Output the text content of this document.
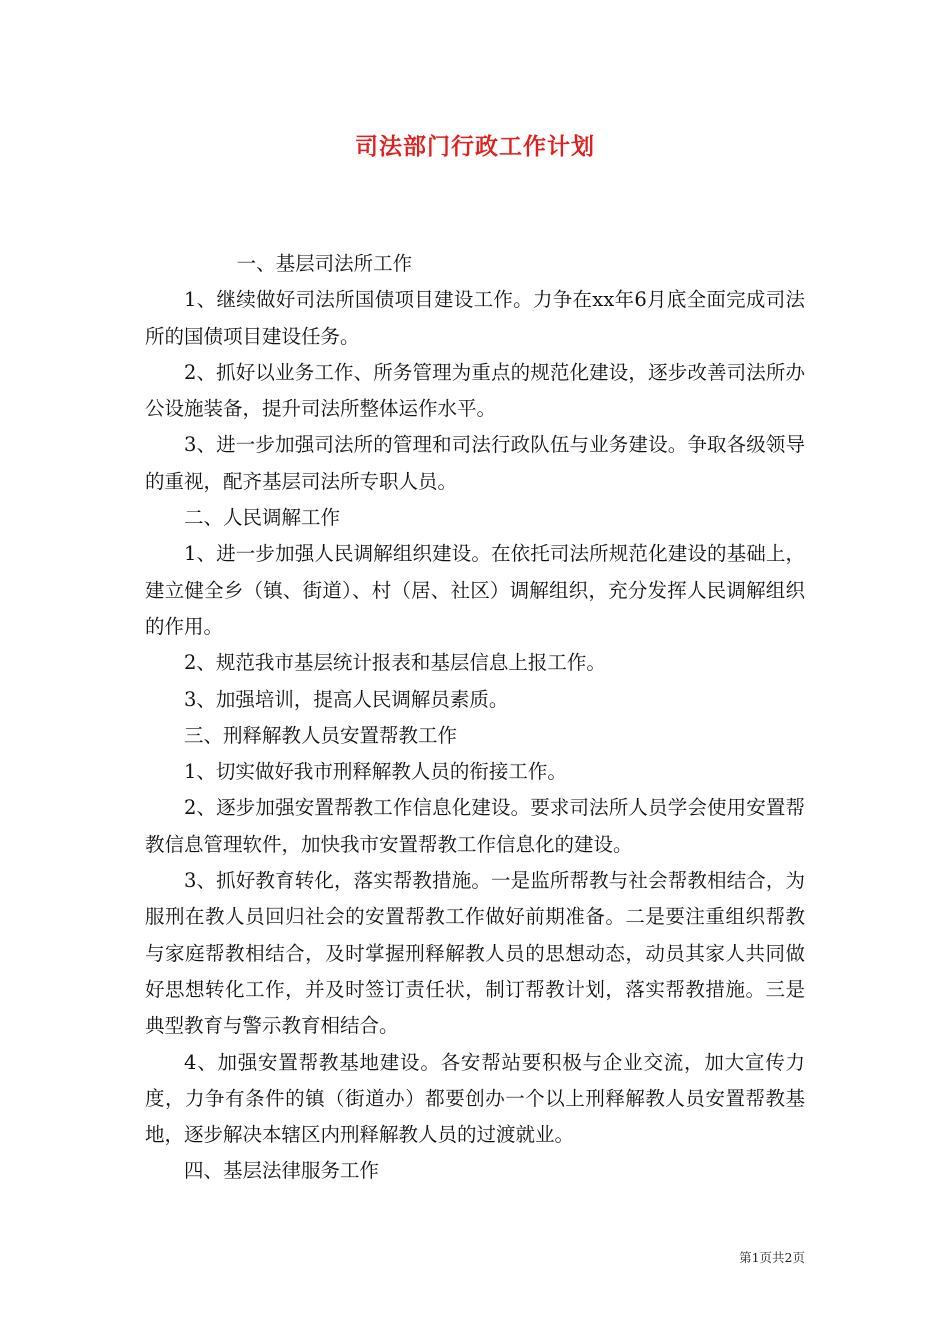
司法部门行政工作计划

一、基层司法所工作

1、继续做好司法所国债项目建设工作。力争在xx年6月底全面完成司法所的国债项目建设任务。

2、抓好以业务工作、所务管理为重点的规范化建设，逐步改善司法所办公设施装备，提升司法所整体运作水平。

3、进一步加强司法所的管理和司法行政队伍与业务建设。争取各级领导的重视，配齐基层司法所专职人员。

二、人民调解工作

1、进一步加强人民调解组织建设。在依托司法所规范化建设的基础上，建立健全乡（镇、街道）、村（居、社区）调解组织，充分发挥人民调解组织的作用。

2、规范我市基层统计报表和基层信息上报工作。

3、加强培训，提高人民调解员素质。

三、刑释解教人员安置帮教工作

1、切实做好我市刑释解教人员的衔接工作。

2、逐步加强安置帮教工作信息化建设。要求司法所人员学会使用安置帮教信息管理软件，加快我市安置帮教工作信息化的建设。

3、抓好教育转化，落实帮教措施。一是监所帮教与社会帮教相结合，为服刑在教人员回归社会的安置帮教工作做好前期准备。二是要注重组织帮教与家庭帮教相结合，及时掌握刑释解教人员的思想动态，动员其家人共同做好思想转化工作，并及时签订责任状，制订帮教计划，落实帮教措施。三是典型教育与警示教育相结合。

4、加强安置帮教基地建设。各安帮站要积极与企业交流，加大宣传力度，力争有条件的镇（街道办）都要创办一个以上刑释解教人员安置帮教基地，逐步解决本辖区内刑释解教人员的过渡就业。

四、基层法律服务工作

第1页共2页
